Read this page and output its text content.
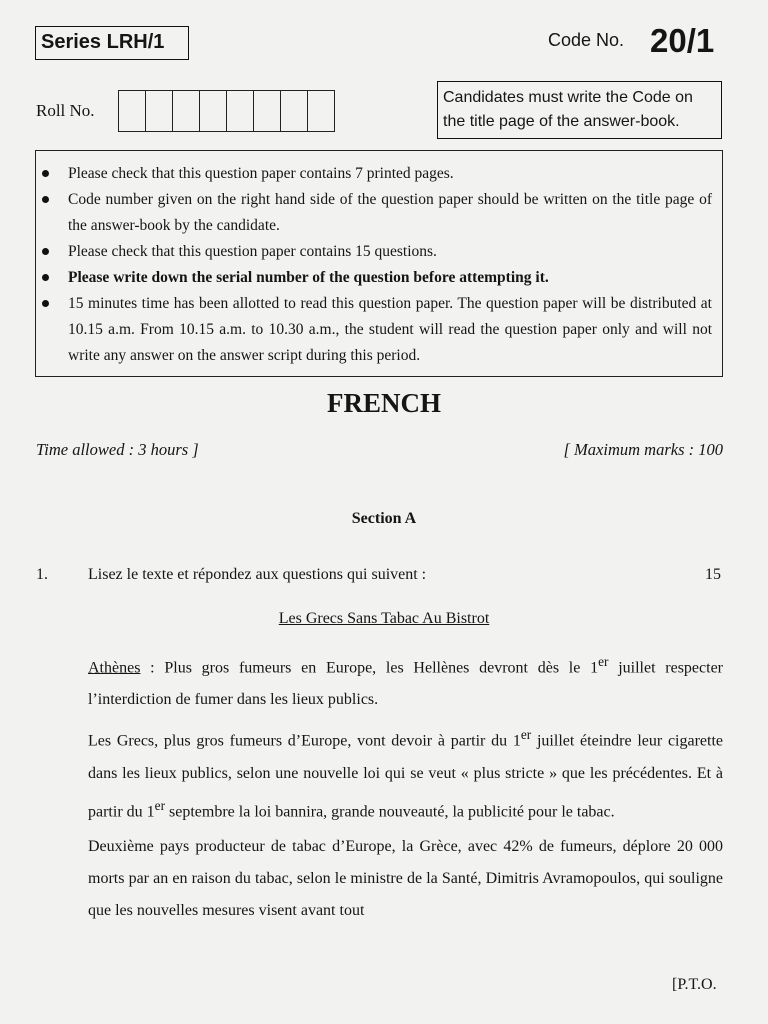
Series LRH/1	Code No. 20/1
Roll No.
Candidates must write the Code on
the title page of the answer-book.
Please check that this question paper contains 7 printed pages.
Code number given on the right hand side of the question paper should be written on the title page of the answer-book by the candidate.
Please check that this question paper contains 15 questions.
Please write down the serial number of the question before attempting it.
15 minutes time has been allotted to read this question paper. The question paper will be distributed at 10.15 a.m. From 10.15 a.m. to 10.30 a.m., the student will read the question paper only and will not write any answer on the answer script during this period.
FRENCH
Time allowed : 3 hours ]	[ Maximum marks : 100
Section A
1.	Lisez le texte et répondez aux questions qui suivent :	15
Les Grecs Sans Tabac Au Bistrot

Athènes : Plus gros fumeurs en Europe, les Hellènes devront dès le 1er juillet respecter l’interdiction de fumer dans les lieux publics.

Les Grecs, plus gros fumeurs d’Europe, vont devoir à partir du 1er juillet éteindre leur cigarette dans les lieux publics, selon une nouvelle loi qui se veut « plus stricte » que les précédentes. Et à partir du 1er septembre la loi bannira, grande nouveauté, la publicité pour le tabac.

Deuxième pays producteur de tabac d’Europe, la Grèce, avec 42% de fumeurs, déplore 20 000 morts par an en raison du tabac, selon le ministre de la Santé, Dimitris Avramopoulos, qui souligne que les nouvelles mesures visent avant tout

[P.T.O.
